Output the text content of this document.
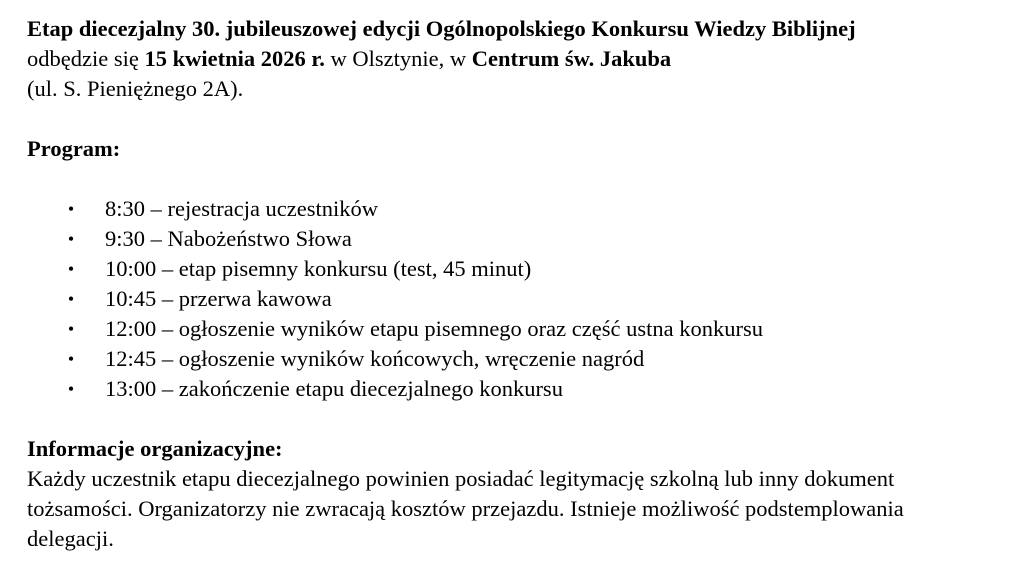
Etap diecezjalny 30. jubileuszowej edycji Ogólnopolskiego Konkursu Wiedzy Biblijnej
odbędzie się 15 kwietnia 2026 r. w Olsztynie, w Centrum św. Jakuba
(ul. S. Pieniężnego 2A).

Program:

• 8:30 – rejestracja uczestników
• 9:30 – Nabożeństwo Słowa
• 10:00 – etap pisemny konkursu (test, 45 minut)
• 10:45 – przerwa kawowa
• 12:00 – ogłoszenie wyników etapu pisemnego oraz część ustna konkursu
• 12:45 – ogłoszenie wyników końcowych, wręczenie nagród
• 13:00 – zakończenie etapu diecezjalnego konkursu

Informacje organizacyjne:

Każdy uczestnik etapu diecezjalnego powinien posiadać legitymację szkolną lub inny dokument tożsamości. Organizatorzy nie zwracają kosztów przejazdu. Istnieje możliwość podstemplowania delegacji.
